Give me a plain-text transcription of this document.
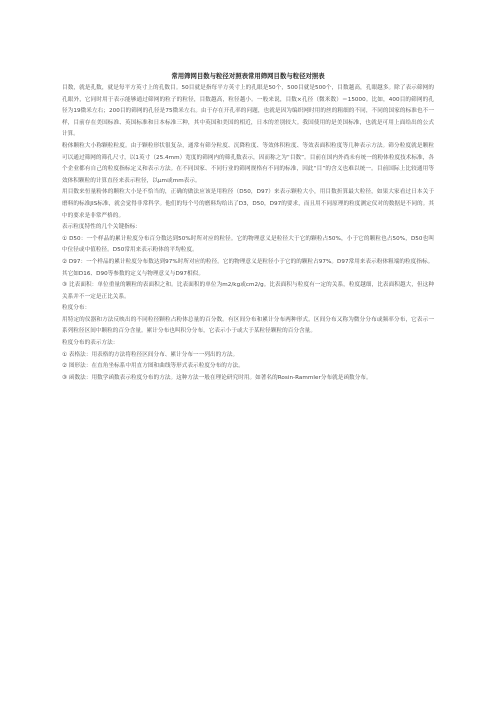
常用筛网目数与粒径对照表常用筛网目数与粒径对照表

目数，就是孔数，就是每平方英寸上的孔数目。50目就是指每平方英寸上的孔眼是50个，500目就是500个，目数越高，孔眼越多。除了表示筛网的孔眼外，它同时用于表示能够通过筛网的粒子的粒径，目数越高，粒径越小。一般来说，目数×孔径（微米数）＝15000。比如，400目的筛网的孔径为19微米左右；200目的筛网的孔径是75微米左右。由于存在开孔率的问题，也就是因为编织网时用的丝的粗细的不同，不同的国家的标准也不一样，目前存在美国标准、英国标准和日本标准三种，其中英国和美国的相近，日本的差别较大。我国使用的是美国标准，也就是可用上面给出的公式计算。

粉体颗粒大小称颗粒粒度。由于颗粒形状很复杂，通常有筛分粒度、沉降粒度、等效体积粒度、等效表面积粒度等几种表示方法。筛分粒度就是颗粒可以通过筛网的筛孔尺寸，以1英寸（25.4mm）宽度的筛网内的筛孔数表示，因而称之为“目数”。目前在国内外尚未有统一的粉体粒度技术标准，各个企业都有自己的粒度指标定义和表示方法。在不同国家、不同行业的筛网规格有不同的标准，因此“目”的含义也难以统一。目前国际上比较通用等效体积颗粒的计算直径来表示粒径，以μm或mm表示。

用目数来恒量粉体的颗粒大小是不恰当的，正确的做法应该是用粒径（D50，D97）来表示颗粒大小，用目数折算最大粒径，如果大家看过日本关于磨料的标准JIS标准，就会觉得非常科学。他们的每个号的磨料均给出了D3，D50，D97的要求，而且用不同原理的粒度测定仪对的数据是不同的。其中的要求是非常严格的。

表示粒度特性的几个关键指标：

① D50：一个样品的累计粒度分布百分数达到50%时所对应的粒径。它的物理意义是粒径大于它的颗粒占50%，小于它的颗粒也占50%，D50也叫中位径或中值粒径。D50常用来表示粉体的平均粒度。

② D97：一个样品的累计粒度分布数达到97%时所对应的粒径。它的物理意义是粒径小于它的的颗粒占97%。D97常用来表示粉体粗端的粒度指标。

其它如D16、D90等参数的定义与物理意义与D97相似。

③ 比表面积：单位重量的颗粒的表面积之和。比表面积的单位为m2/kg或cm2/g。比表面积与粒度有一定的关系，粒度越细，比表面积越大，但这种关系并不一定是正比关系。

粒度分布：

用特定的仪器和方法反映出的不同粒径颗粒占粉体总量的百分数。有区间分布和累计分布两种形式。区间分布又称为微分分布或频率分布，它表示一系列粒径区间中颗粒的百分含量。累计分布也叫积分分布，它表示小于或大于某粒径颗粒的百分含量。

粒度分布的表示方法：

① 表格法：用表格的方法将粒径区间分布、累计分布一一列出的方法。

② 图形法：在直角坐标系中用直方图和曲线等形式表示粒度分布的方法。

③ 函数法：用数学函数表示粒度分布的方法。这种方法一般在理论研究时用。如著名的Rosin-Rammler分布就是函数分布。
